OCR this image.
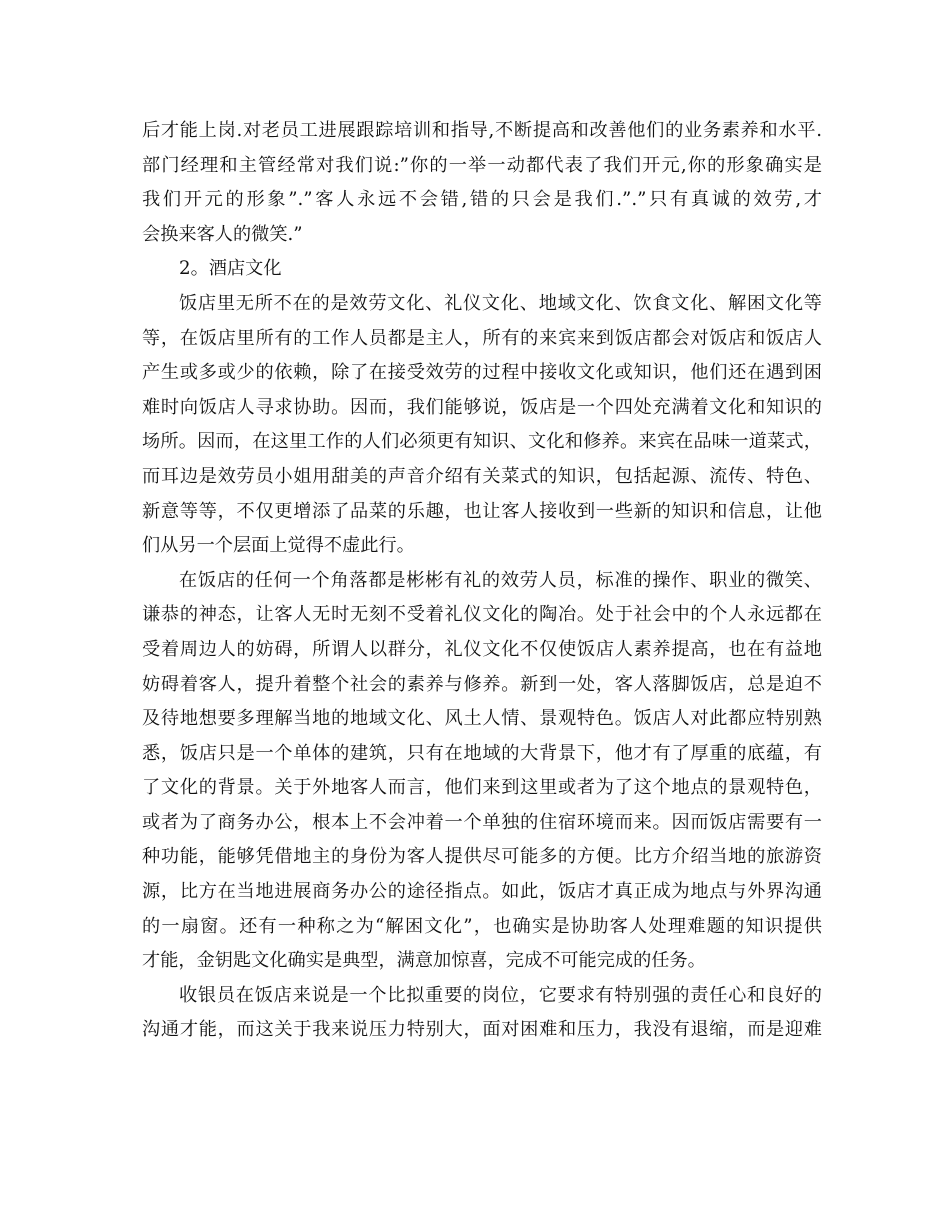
后才能上岗.对老员工进展跟踪培训和指导,不断提高和改善他们的业务素养和水平.
部门经理和主管经常对我们说:”你的一举一动都代表了我们开元,你的形象确实是
我们开元的形象”.”客人永远不会错,错的只会是我们.”.”只有真诚的效劳,才
会换来客人的微笑.”
2。酒店文化
饭店里无所不在的是效劳文化、礼仪文化、地域文化、饮食文化、解困文化等
等，在饭店里所有的工作人员都是主人，所有的来宾来到饭店都会对饭店和饭店人
产生或多或少的依赖，除了在接受效劳的过程中接收文化或知识，他们还在遇到困
难时向饭店人寻求协助。因而，我们能够说，饭店是一个四处充满着文化和知识的
场所。因而，在这里工作的人们必须更有知识、文化和修养。来宾在品味一道菜式，
而耳边是效劳员小姐用甜美的声音介绍有关菜式的知识，包括起源、流传、特色、
新意等等，不仅更增添了品菜的乐趣，也让客人接收到一些新的知识和信息，让他
们从另一个层面上觉得不虚此行。
在饭店的任何一个角落都是彬彬有礼的效劳人员，标准的操作、职业的微笑、
谦恭的神态，让客人无时无刻不受着礼仪文化的陶冶。处于社会中的个人永远都在
受着周边人的妨碍，所谓人以群分，礼仪文化不仅使饭店人素养提高，也在有益地
妨碍着客人，提升着整个社会的素养与修养。新到一处，客人落脚饭店，总是迫不
及待地想要多理解当地的地域文化、风土人情、景观特色。饭店人对此都应特别熟
悉，饭店只是一个单体的建筑，只有在地域的大背景下，他才有了厚重的底蕴，有
了文化的背景。关于外地客人而言，他们来到这里或者为了这个地点的景观特色，
或者为了商务办公，根本上不会冲着一个单独的住宿环境而来。因而饭店需要有一
种功能，能够凭借地主的身份为客人提供尽可能多的方便。比方介绍当地的旅游资
源，比方在当地进展商务办公的途径指点。如此，饭店才真正成为地点与外界沟通
的一扇窗。还有一种称之为“解困文化”，也确实是协助客人处理难题的知识提供
才能，金钥匙文化确实是典型，满意加惊喜，完成不可能完成的任务。
收银员在饭店来说是一个比拟重要的岗位，它要求有特别强的责任心和良好的
沟通才能，而这关于我来说压力特别大，面对困难和压力，我没有退缩，而是迎难
